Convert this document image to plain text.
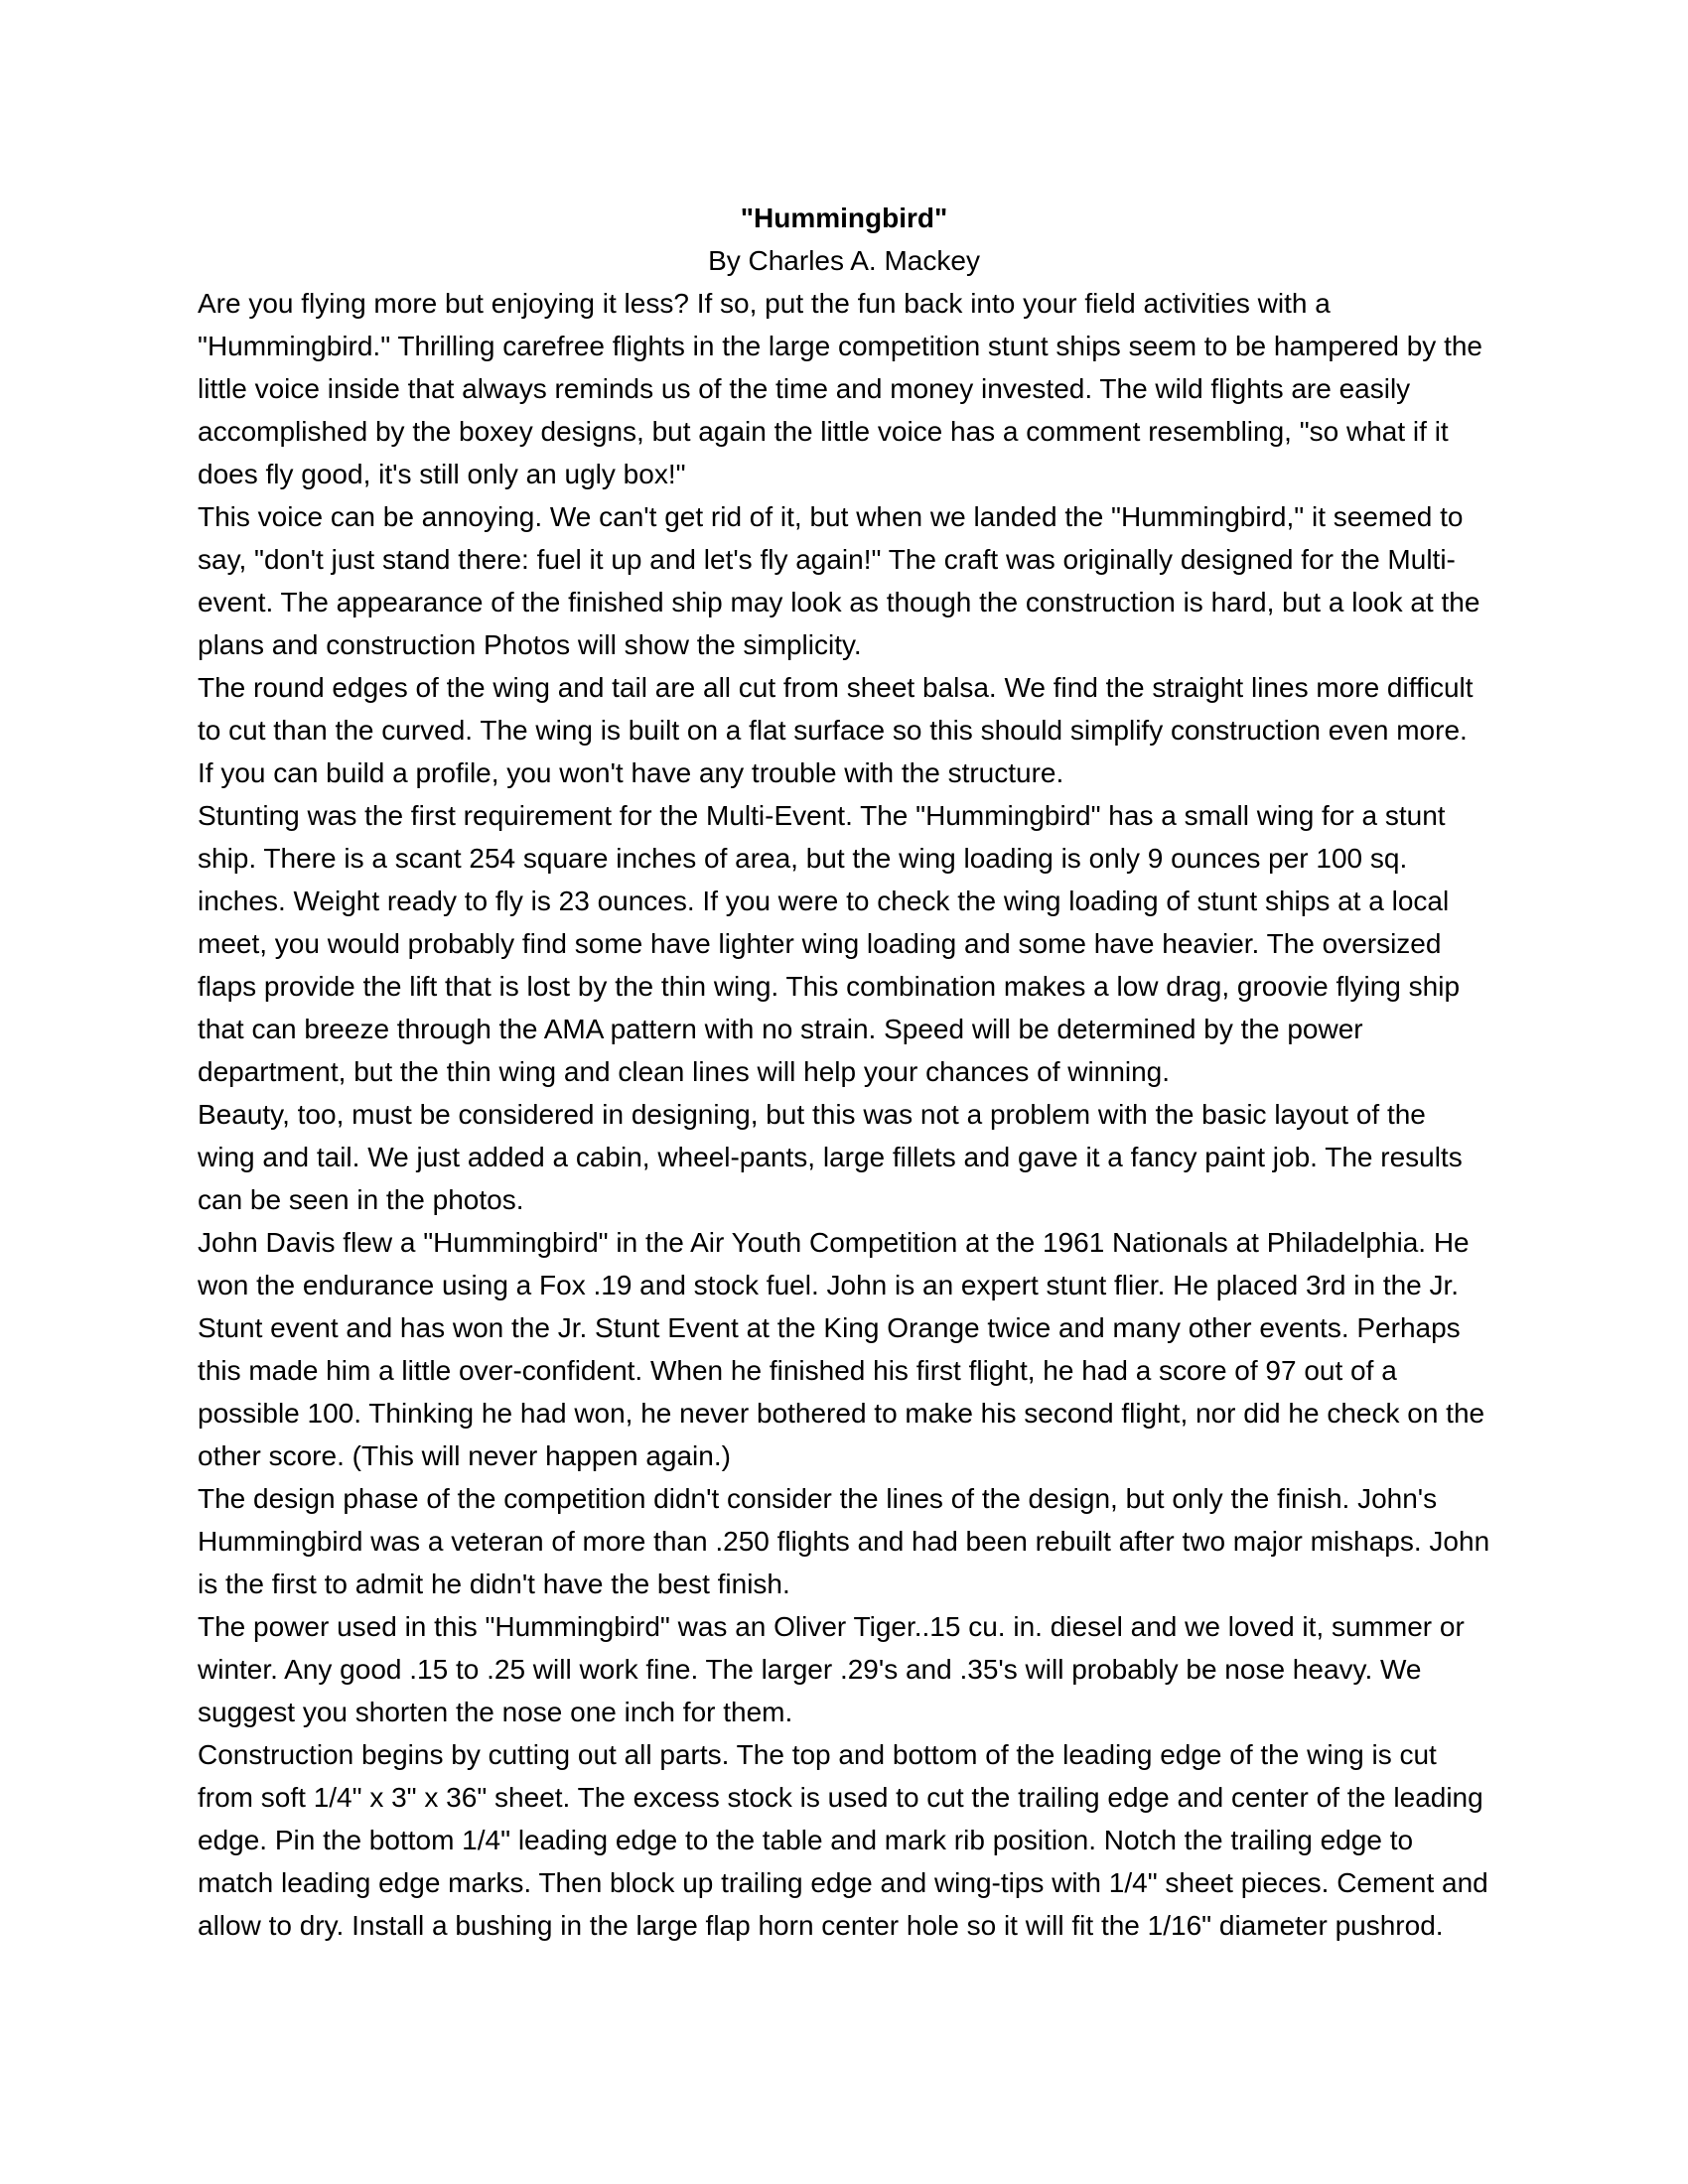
"Hummingbird"

By Charles A. Mackey

Are you flying more but enjoying it less? If so, put the fun back into your field activities with a "Hummingbird." Thrilling carefree flights in the large competition stunt ships seem to be hampered by the little voice inside that always reminds us of the time and money invested. The wild flights are easily accomplished by the boxey designs, but again the little voice has a comment resembling, "so what if it does fly good, it's still only an ugly box!"

This voice can be annoying. We can't get rid of it, but when we landed the "Hummingbird," it seemed to say, "don't just stand there: fuel it up and let's fly again!" The craft was originally designed for the Multi-event. The appearance of the finished ship may look as though the construction is hard, but a look at the plans and construction Photos will show the simplicity.

The round edges of the wing and tail are all cut from sheet balsa. We find the straight lines more difficult to cut than the curved. The wing is built on a flat surface so this should simplify construction even more. If you can build a profile, you won't have any trouble with the structure.

Stunting was the first requirement for the Multi-Event. The "Hummingbird" has a small wing for a stunt ship. There is a scant 254 square inches of area, but the wing loading is only 9 ounces per 100 sq. inches. Weight ready to fly is 23 ounces. If you were to check the wing loading of stunt ships at a local meet, you would probably find some have lighter wing loading and some have heavier. The oversized flaps provide the lift that is lost by the thin wing. This combination makes a low drag, groovie flying ship that can breeze through the AMA pattern with no strain. Speed will be determined by the power department, but the thin wing and clean lines will help your chances of winning.

Beauty, too, must be considered in designing, but this was not a problem with the basic layout of the wing and tail. We just added a cabin, wheel-pants, large fillets and gave it a fancy paint job. The results can be seen in the photos.

John Davis flew a "Hummingbird" in the Air Youth Competition at the 1961 Nationals at Philadelphia. He won the endurance using a Fox .19 and stock fuel. John is an expert stunt flier. He placed 3rd in the Jr. Stunt event and has won the Jr. Stunt Event at the King Orange twice and many other events. Perhaps this made him a little over-confident. When he finished his first flight, he had a score of 97 out of a possible 100. Thinking he had won, he never bothered to make his second flight, nor did he check on the other score. (This will never happen again.)

The design phase of the competition didn't consider the lines of the design, but only the finish. John's Hummingbird was a veteran of more than .250 flights and had been rebuilt after two major mishaps. John is the first to admit he didn't have the best finish.

The power used in this "Hummingbird" was an Oliver Tiger..15 cu. in. diesel and we loved it, summer or winter. Any good .15 to .25 will work fine. The larger .29's and .35's will probably be nose heavy. We suggest you shorten the nose one inch for them.

Construction begins by cutting out all parts. The top and bottom of the leading edge of the wing is cut from soft 1/4" x 3" x 36" sheet. The excess stock is used to cut the trailing edge and center of the leading edge. Pin the bottom 1/4" leading edge to the table and mark rib position. Notch the trailing edge to match leading edge marks. Then block up trailing edge and wing-tips with 1/4" sheet pieces. Cement and allow to dry. Install a bushing in the large flap horn center hole so it will fit the 1/16" diameter pushrod.
